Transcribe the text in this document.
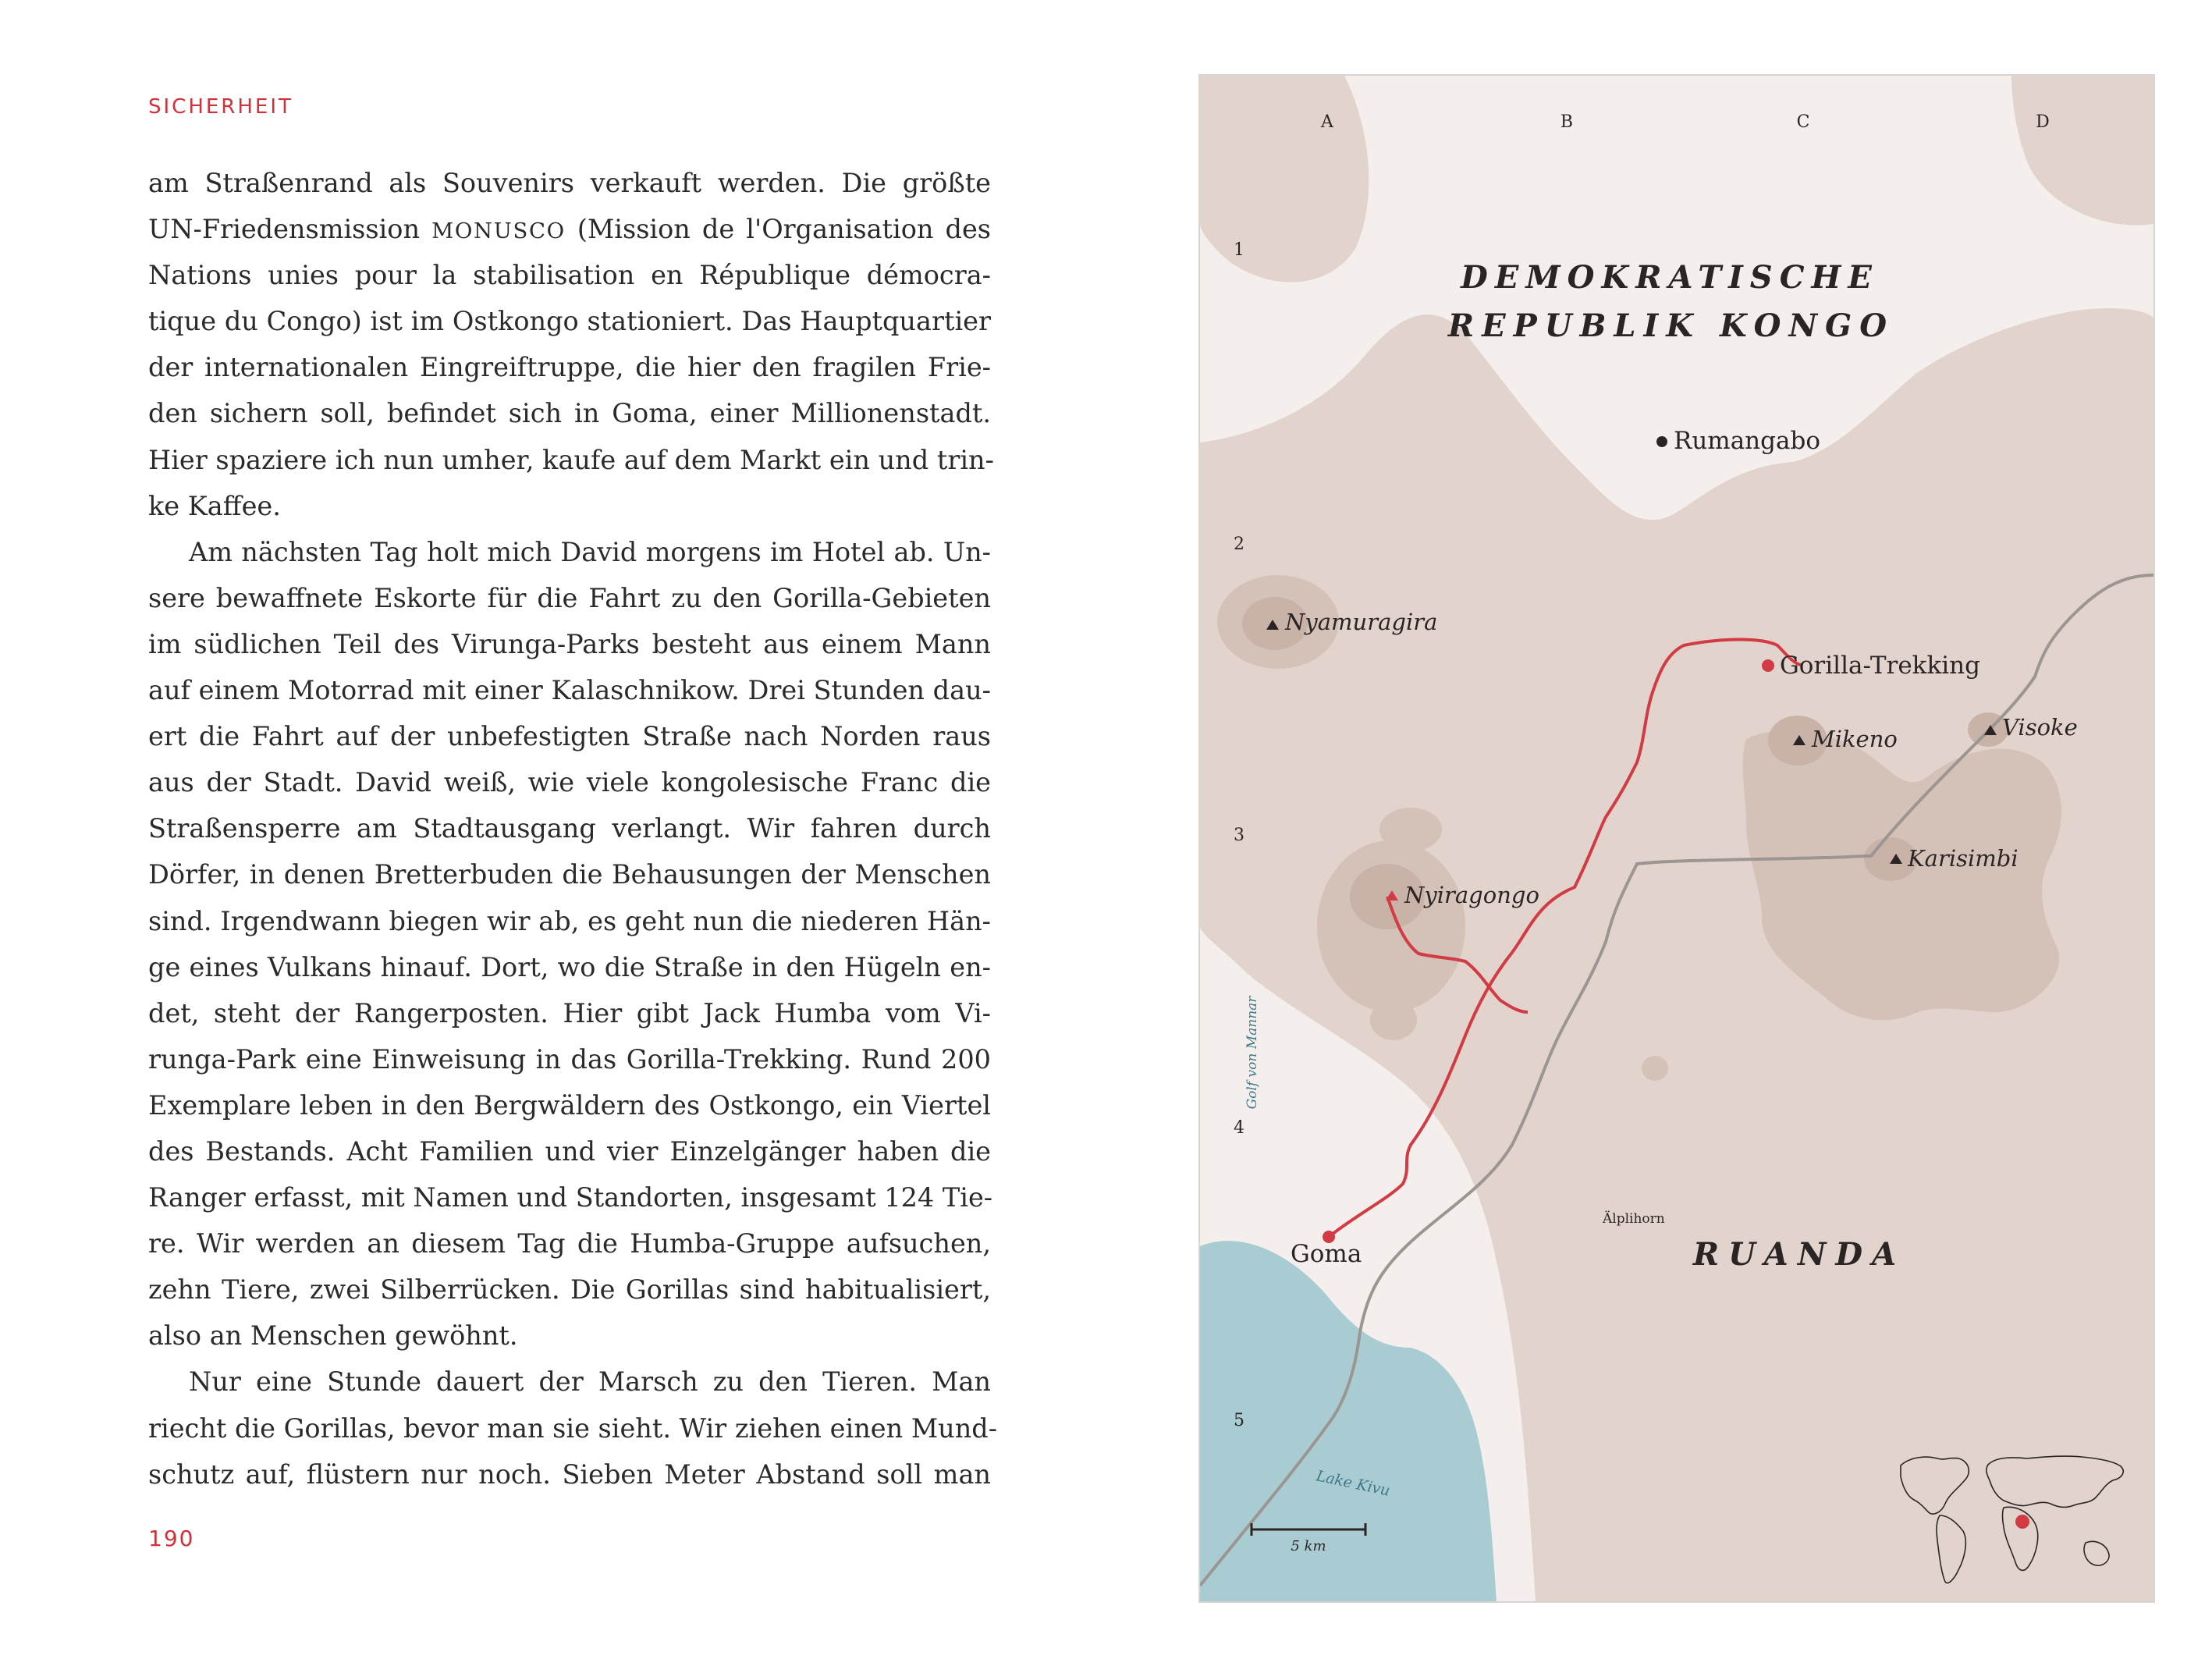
SICHERHEIT
am Straßenrand als Souvenirs verkauft werden. Die größte
UN-Friedensmission MONUSCO (Mission de l'Organisation des
Nations unies pour la stabilisation en République démocra-
tique du Congo) ist im Ostkongo stationiert. Das Hauptquartier
der internationalen Eingreiftruppe, die hier den fragilen Frie-
den sichern soll, befindet sich in Goma, einer Millionenstadt.
Hier spaziere ich nun umher, kaufe auf dem Markt ein und trin-
ke Kaffee.
Am nächsten Tag holt mich David morgens im Hotel ab. Un-
sere bewaffnete Eskorte für die Fahrt zu den Gorilla-Gebieten
im südlichen Teil des Virunga-Parks besteht aus einem Mann
auf einem Motorrad mit einer Kalaschnikow. Drei Stunden dau-
ert die Fahrt auf der unbefestigten Straße nach Norden raus
aus der Stadt. David weiß, wie viele kongolesische Franc die
Straßensperre am Stadtausgang verlangt. Wir fahren durch
Dörfer, in denen Bretterbuden die Behausungen der Menschen
sind. Irgendwann biegen wir ab, es geht nun die niederen Hän-
ge eines Vulkans hinauf. Dort, wo die Straße in den Hügeln en-
det, steht der Rangerposten. Hier gibt Jack Humba vom Vi-
runga-Park eine Einweisung in das Gorilla-Trekking. Rund 200
Exemplare leben in den Bergwäldern des Ostkongo, ein Viertel
des Bestands. Acht Familien und vier Einzelgänger haben die
Ranger erfasst, mit Namen und Standorten, insgesamt 124 Tie-
re. Wir werden an diesem Tag die Humba-Gruppe aufsuchen,
zehn Tiere, zwei Silberrücken. Die Gorillas sind habitualisiert,
also an Menschen gewöhnt.
Nur eine Stunde dauert der Marsch zu den Tieren. Man
riecht die Gorillas, bevor man sie sieht. Wir ziehen einen Mund-
schutz auf, flüstern nur noch. Sieben Meter Abstand soll man
190
A	B	C	D
1
2
3
4
5
DEMOKRATISCHE
REPUBLIK KONGO
RUANDA
Rumangabo
Gorilla-Trekking
Goma
Älplihorn
Nyamuragira
Nyiragongo
Mikeno	Visoke
Karisimbi
Golf von Mannar
Lake Kivu
5 km
